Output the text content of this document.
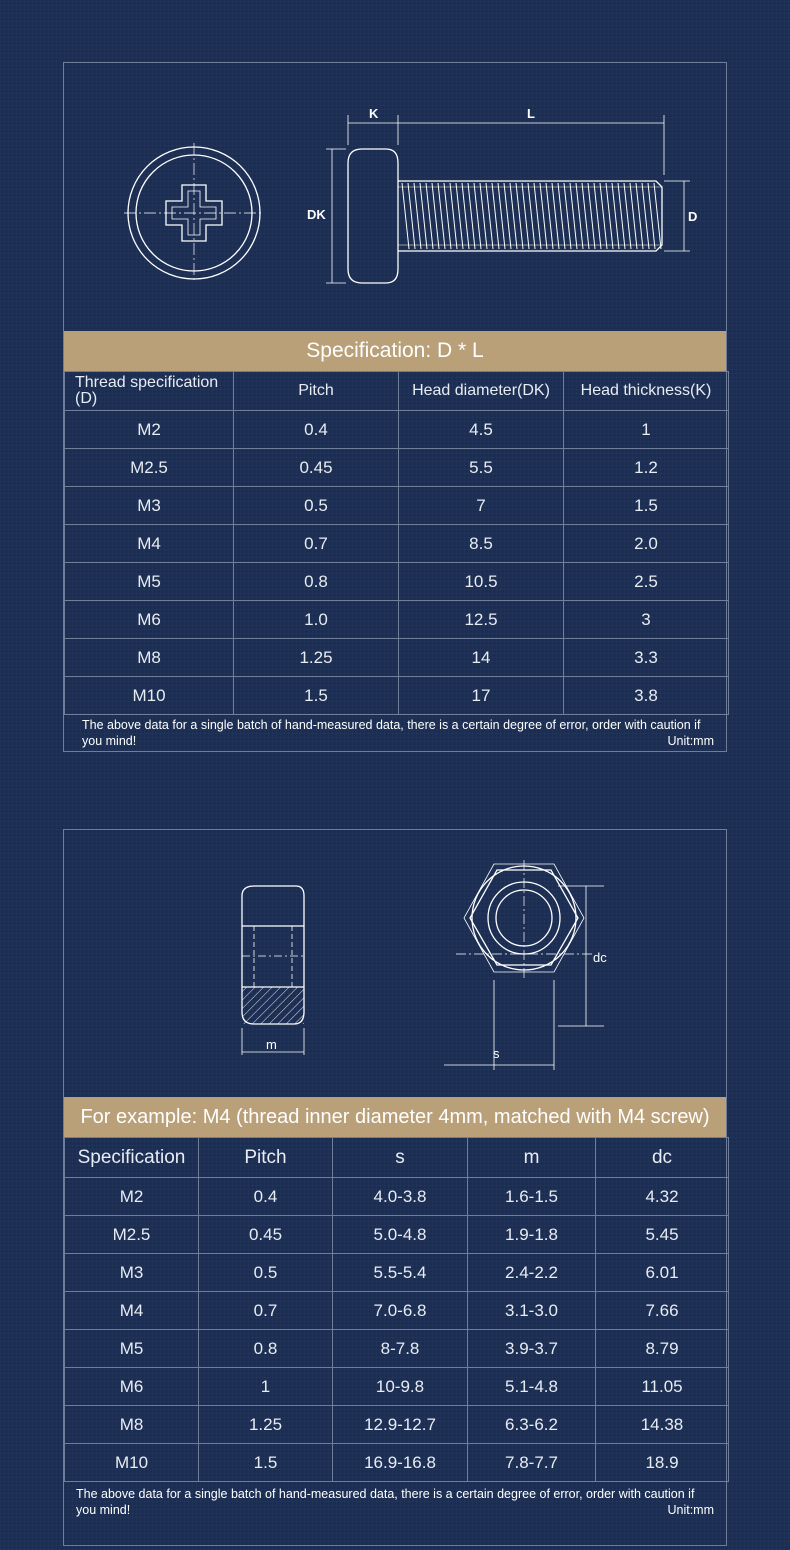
K	L
DK	D
Specification: D * L
Thread specification
(D)	Pitch	Head diameter(DK)	Head thickness(K)
M2	0.4	4.5	1
M2.5	0.45	5.5	1.2
M3	0.5	7	1.5
M4	0.7	8.5	2.0
M5	0.8	10.5	2.5
M6	1.0	12.5	3
M8	1.25	14	3.3
M10	1.5	17	3.8
The above data for a single batch of hand-measured data, there is a certain degree of error, order with caution if you mind!	Unit:mm
m
s
dc
For example: M4 (thread inner diameter 4mm, matched with M4 screw)
Specification	Pitch	s	m	dc
M2	0.4	4.0-3.8	1.6-1.5	4.32
M2.5	0.45	5.0-4.8	1.9-1.8	5.45
M3	0.5	5.5-5.4	2.4-2.2	6.01
M4	0.7	7.0-6.8	3.1-3.0	7.66
M5	0.8	8-7.8	3.9-3.7	8.79
M6	1	10-9.8	5.1-4.8	11.05
M8	1.25	12.9-12.7	6.3-6.2	14.38
M10	1.5	16.9-16.8	7.8-7.7	18.9
The above data for a single batch of hand-measured data, there is a certain degree of error, order with caution if you mind!	Unit:mm
